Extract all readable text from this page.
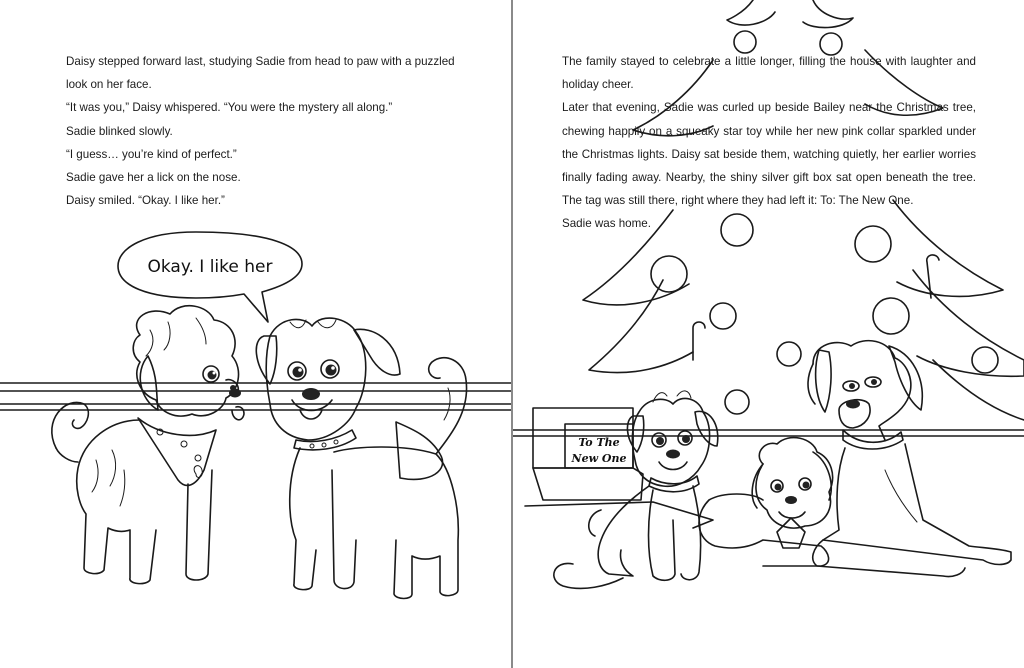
Okay. I like her

Daisy stepped forward last, studying Sadie from head to paw with a puzzled look on her face.

“It was you,” Daisy whispered. “You were the mystery all along.”

Sadie blinked slowly.

“I guess… you’re kind of perfect.”

Sadie gave her a lick on the nose.

Daisy smiled. “Okay. I like her.”

To The
New One

The family stayed to celebrate a little longer, filling the house with laughter and holiday cheer.

Later that evening, Sadie was curled up beside Bailey near the Christmas tree, chewing happily on a squeaky star toy while her new pink collar sparkled under the Christmas lights. Daisy sat beside them, watching quietly, her earlier worries finally fading away. Nearby, the shiny silver gift box sat open beneath the tree. The tag was still there, right where they had left it: To: The New One.

Sadie was home.
